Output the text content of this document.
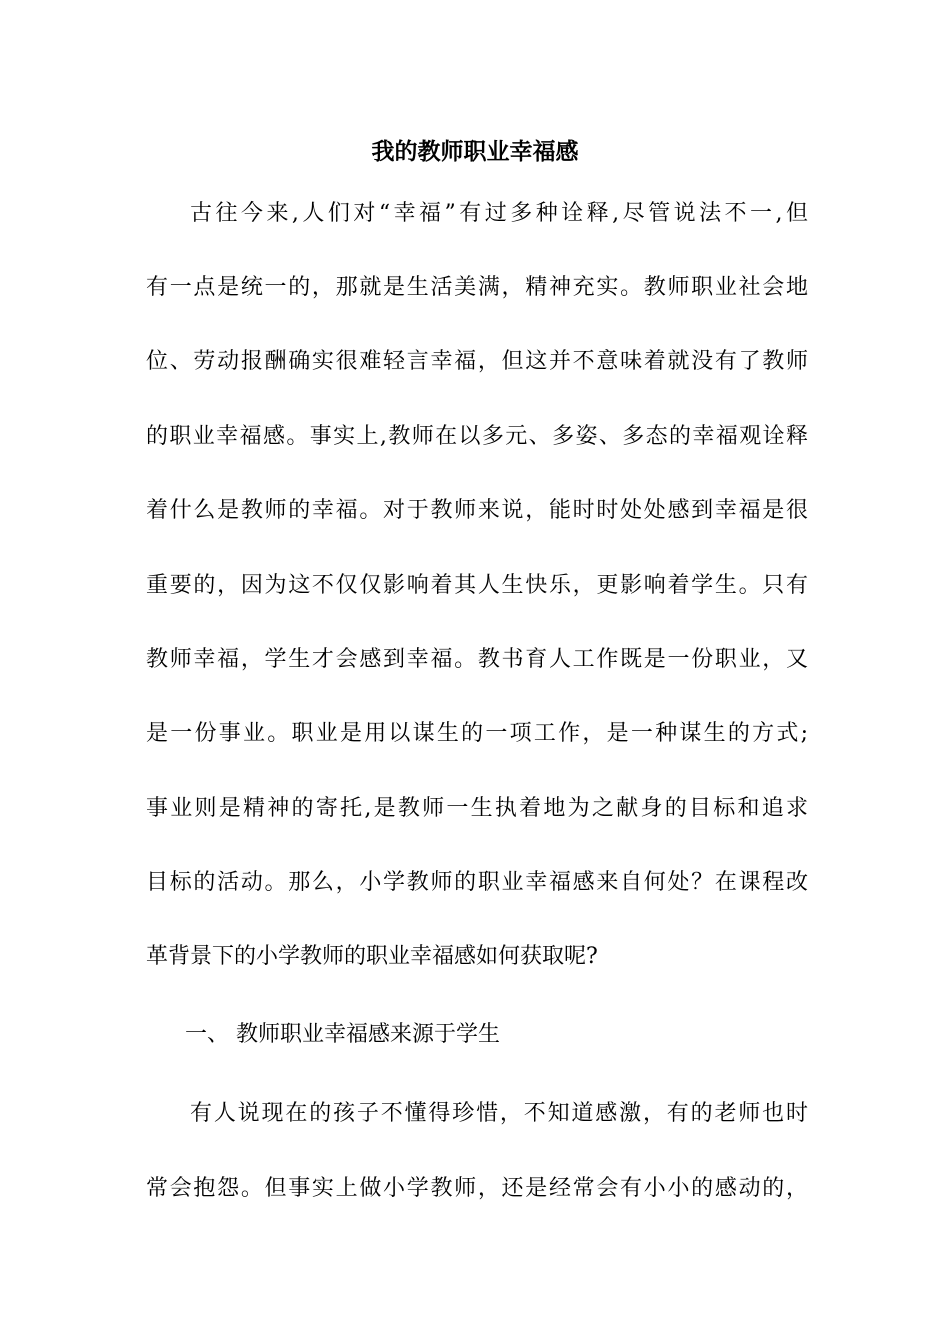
我的教师职业幸福感
古往今来,人们对“幸福”有过多种诠释,尽管说法不一,但
有一点是统一的，那就是生活美满，精神充实。教师职业社会地
位、劳动报酬确实很难轻言幸福，但这并不意味着就没有了教师
的职业幸福感。事实上,教师在以多元、多姿、多态的幸福观诠释
着什么是教师的幸福。对于教师来说，能时时处处感到幸福是很
重要的，因为这不仅仅影响着其人生快乐，更影响着学生。只有
教师幸福，学生才会感到幸福。教书育人工作既是一份职业，又
是一份事业。职业是用以谋生的一项工作，是一种谋生的方式;
事业则是精神的寄托,是教师一生执着地为之献身的目标和追求
目标的活动。那么，小学教师的职业幸福感来自何处？在课程改
革背景下的小学教师的职业幸福感如何获取呢?
一、 教师职业幸福感来源于学生
有人说现在的孩子不懂得珍惜，不知道感激，有的老师也时
常会抱怨。但事实上做小学教师，还是经常会有小小的感动的，
